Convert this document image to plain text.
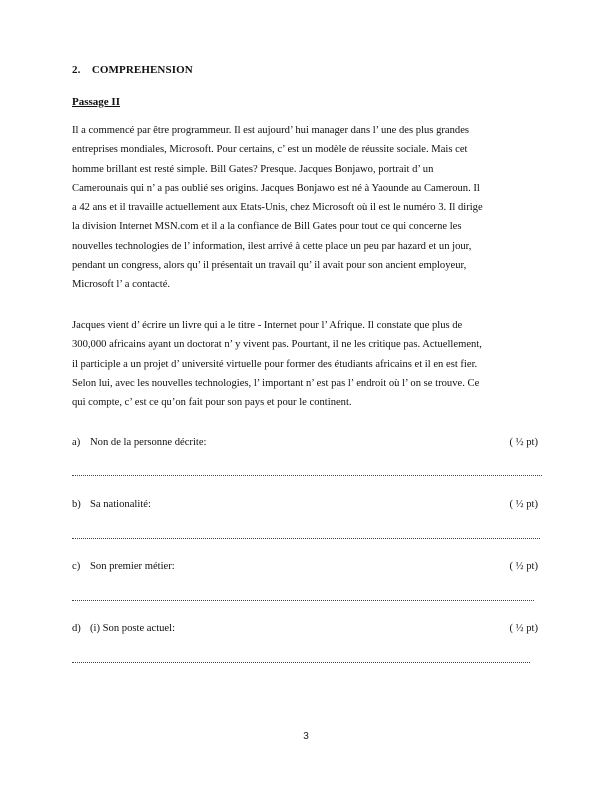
2. COMPREHENSION
Passage II

Il a commencé par être programmeur. Il est aujourd’ hui manager dans l’ une des plus grandes
entreprises mondiales, Microsoft. Pour certains, c’ est un modèle de réussite sociale. Mais cet
homme brillant est resté simple. Bill Gates? Presque. Jacques Bonjawo, portrait d’ un
Camerounais qui n’ a pas oublié ses origins. Jacques Bonjawo est né à Yaounde au Cameroun. Il
a 42 ans et il travaille actuellement aux Etats-Unis, chez Microsoft où il est le numéro 3. Il dirige
la division Internet MSN.com et il a la confiance de Bill Gates pour tout ce qui concerne les
nouvelles technologies de l’ information, ilest arrivé à cette place un peu par hazard et un jour,
pendant un congress, alors qu’ il présentait un travail qu’ il avait pour son ancient employeur,
Microsoft l’ a contacté.

Jacques vient d’ écrire un livre qui a le titre - Internet pour l’ Afrique. Il constate que plus de
300,000 africains ayant un doctorat n’ y vivent pas. Pourtant, il ne les critique pas. Actuellement,
il participle a un projet d’ université virtuelle pour former des étudiants africains et il en est fier.
Selon lui, avec les nouvelles technologies, l’ important n’ est pas l’ endroit où l’ on se trouve. Ce
qui compte, c’ est ce qu’on fait pour son pays et pour le continent.

a) Non de la personne décrite:	( ½ pt)
b) Sa nationalité:	( ½ pt)
c) Son premier métier:	( ½ pt)
d) (i) Son poste actuel:	( ½ pt)
3
